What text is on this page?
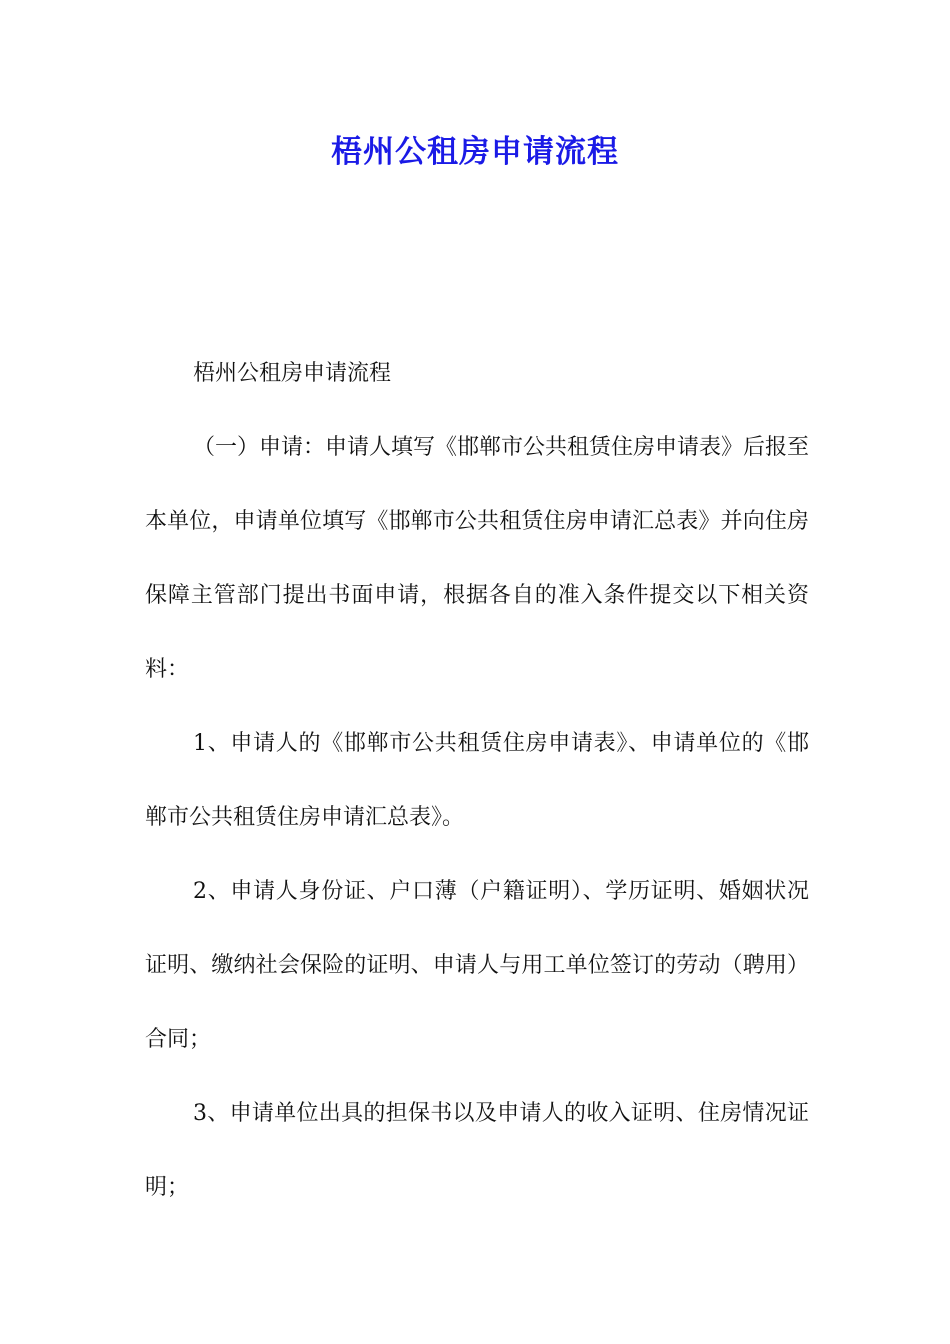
梧州公租房申请流程

梧州公租房申请流程

（一）申请：申请人填写《邯郸市公共租赁住房申请表》后报至本单位，申请单位填写《邯郸市公共租赁住房申请汇总表》并向住房保障主管部门提出书面申请，根据各自的准入条件提交以下相关资料：

1、申请人的《邯郸市公共租赁住房申请表》、申请单位的《邯郸市公共租赁住房申请汇总表》。

2、申请人身份证、户口薄（户籍证明）、学历证明、婚姻状况证明、缴纳社会保险的证明、申请人与用工单位签订的劳动（聘用）合同；

3、申请单位出具的担保书以及申请人的收入证明、住房情况证明；
